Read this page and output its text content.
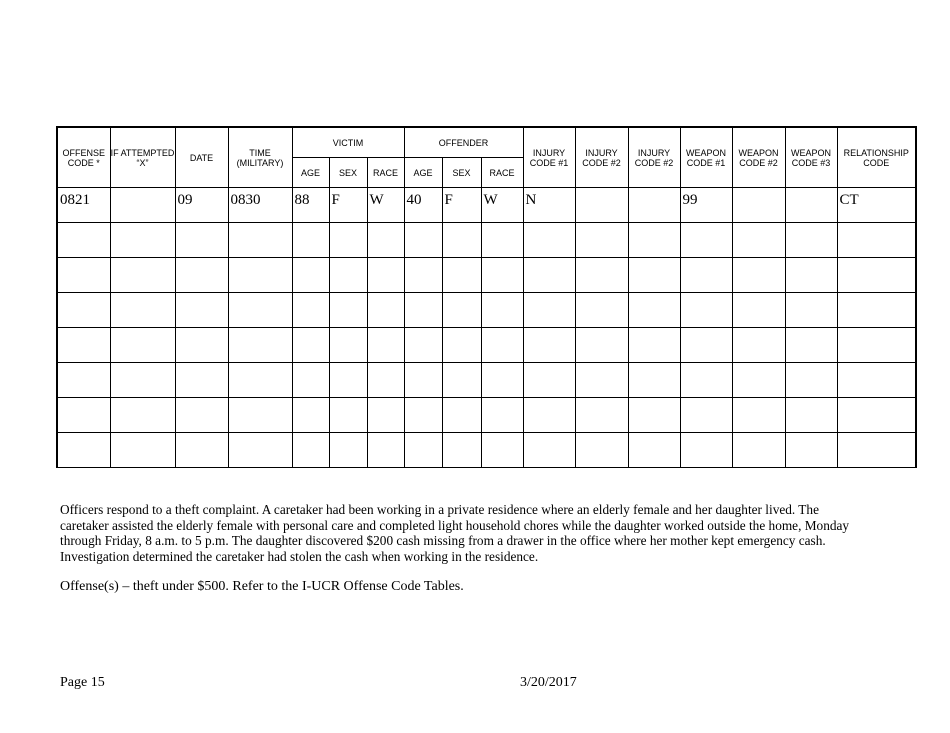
OFFENSE CODE *	IF ATTEMPTED “X”	DATE	TIME (MILITARY)	VICTIM			OFFENDER			INJURY CODE #1	INJURY CODE #2	INJURY CODE #2	WEAPON CODE #1	WEAPON CODE #2	WEAPON CODE #3	RELATIONSHIP CODE
				AGE	SEX	RACE	AGE	SEX	RACE							
0821		09	0830	88	F	W	40	F	W	N			99			CT

Officers respond to a theft complaint. A caretaker had been working in a private residence where an elderly female and her daughter lived. The caretaker assisted the elderly female with personal care and completed light household chores while the daughter worked outside the home, Monday through Friday, 8 a.m. to 5 p.m. The daughter discovered $200 cash missing from a drawer in the office where her mother kept emergency cash. Investigation determined the caretaker had stolen the cash when working in the residence.

Offense(s) – theft under $500. Refer to the I-UCR Offense Code Tables.

Page 15	3/20/2017
